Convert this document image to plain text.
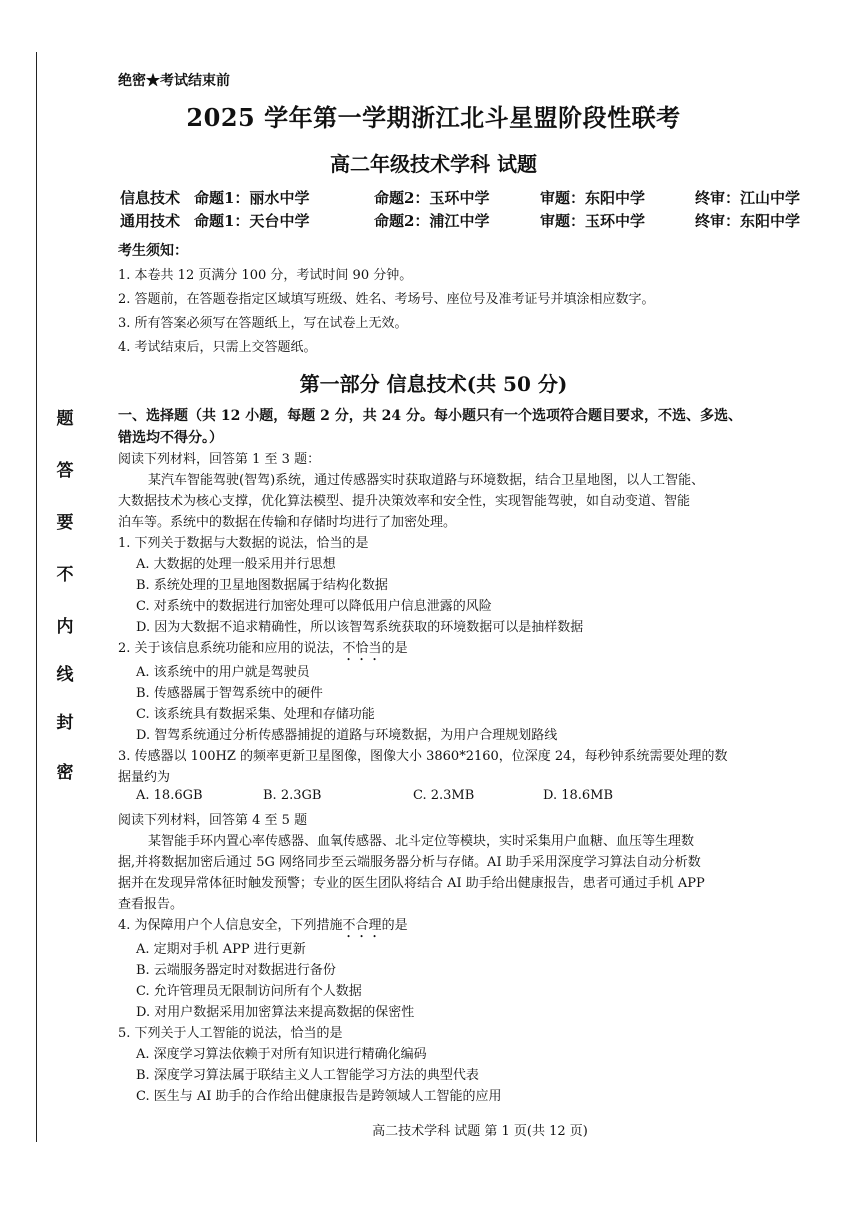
题
答
要
不
内
线
封
密
绝密★考试结束前
2025 学年第一学期浙江北斗星盟阶段性联考
高二年级技术学科 试题
信息技术 命题1：丽水中学	命题2：玉环中学	审题：东阳中学	终审：江山中学
通用技术 命题1：天台中学	命题2：浦江中学	审题：玉环中学	终审：东阳中学
考生须知：
1. 本卷共 12 页满分 100 分，考试时间 90 分钟。
2. 答题前，在答题卷指定区域填写班级、姓名、考场号、座位号及准考证号并填涂相应数字。
3. 所有答案必须写在答题纸上，写在试卷上无效。
4. 考试结束后，只需上交答题纸。
第一部分 信息技术(共 50 分)
一、选择题（共 12 小题，每题 2 分，共 24 分。每小题只有一个选项符合题目要求，不选、多选、
错选均不得分。）
阅读下列材料，回答第 1 至 3 题：
某汽车智能驾驶(智驾)系统，通过传感器实时获取道路与环境数据，结合卫星地图，以人工智能、
大数据技术为核心支撑，优化算法模型、提升决策效率和安全性，实现智能驾驶，如自动变道、智能
泊车等。系统中的数据在传输和存储时均进行了加密处理。
1. 下列关于数据与大数据的说法，恰当的是
A. 大数据的处理一般采用并行思想
B. 系统处理的卫星地图数据属于结构化数据
C. 对系统中的数据进行加密处理可以降低用户信息泄露的风险
D. 因为大数据不追求精确性，所以该智驾系统获取的环境数据可以是抽样数据
2. 关于该信息系统功能和应用的说法，不恰当的是
A. 该系统中的用户就是驾驶员
B. 传感器属于智驾系统中的硬件
C. 该系统具有数据采集、处理和存储功能
D. 智驾系统通过分析传感器捕捉的道路与环境数据，为用户合理规划路线
3. 传感器以 100HZ 的频率更新卫星图像，图像大小 3860*2160，位深度 24，每秒钟系统需要处理的数
据量约为
A. 18.6GB	B. 2.3GB	C. 2.3MB	D. 18.6MB
阅读下列材料，回答第 4 至 5 题
某智能手环内置心率传感器、血氧传感器、北斗定位等模块，实时采集用户血糖、血压等生理数
据,并将数据加密后通过 5G 网络同步至云端服务器分析与存储。AI 助手采用深度学习算法自动分析数
据并在发现异常体征时触发预警；专业的医生团队将结合 AI 助手给出健康报告，患者可通过手机 APP
查看报告。
4. 为保障用户个人信息安全，下列措施不合理的是
A. 定期对手机 APP 进行更新
B. 云端服务器定时对数据进行备份
C. 允许管理员无限制访问所有个人数据
D. 对用户数据采用加密算法来提高数据的保密性
5. 下列关于人工智能的说法，恰当的是
A. 深度学习算法依赖于对所有知识进行精确化编码
B. 深度学习算法属于联结主义人工智能学习方法的典型代表
C. 医生与 AI 助手的合作给出健康报告是跨领域人工智能的应用
高二技术学科 试题 第 1 页(共 12 页)
